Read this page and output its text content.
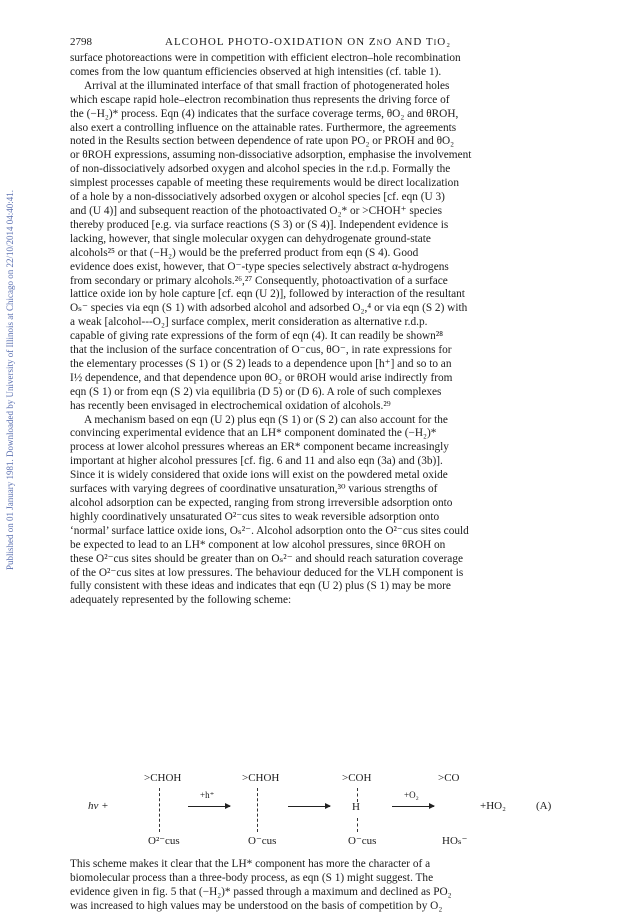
Published on 01 January 1981. Downloaded by University of Illinois at Chicago on 22/10/2014 04:40:41.
2798	ALCOHOL PHOTO-OXIDATION ON ZnO AND TiO₂

surface photoreactions were in competition with efficient electron–hole recombination

comes from the low quantum efficiencies observed at high intensities (cf. table 1).

Arrival at the illuminated interface of that small fraction of photogenerated holes

which escape rapid hole–electron recombination thus represents the driving force of

the (−H₂)* process. Eqn (4) indicates that the surface coverage terms, θO₂ and θROH,

also exert a controlling influence on the attainable rates. Furthermore, the agreements

noted in the Results section between dependence of rate upon PO₂ or PROH and θO₂

or θROH expressions, assuming non-dissociative adsorption, emphasise the involvement

of non-dissociatively adsorbed oxygen and alcohol species in the r.d.p. Formally the

simplest processes capable of meeting these requirements would be direct localization

of a hole by a non-dissociatively adsorbed oxygen or alcohol species [cf. eqn (U 3)

and (U 4)] and subsequent reaction of the photoactivated O₂* or >CHOH⁺ species

thereby produced [e.g. via surface reactions (S 3) or (S 4)]. Independent evidence is

lacking, however, that single molecular oxygen can dehydrogenate ground-state

alcohols²⁵ or that (−H₂) would be the preferred product from eqn (S 4). Good

evidence does exist, however, that O⁻-type species selectively abstract α-hydrogens

from secondary or primary alcohols.²⁶,²⁷ Consequently, photoactivation of a surface

lattice oxide ion by hole capture [cf. eqn (U 2)], followed by interaction of the resultant

Oₛ⁻ species via eqn (S 1) with adsorbed alcohol and adsorbed O₂,⁴ or via eqn (S 2) with

a weak [alcohol---O₂] surface complex, merit consideration as alternative r.d.p.

capable of giving rate expressions of the form of eqn (4). It can readily be shown²⁸

that the inclusion of the surface concentration of O⁻cus, θO⁻, in rate expressions for

the elementary processes (S 1) or (S 2) leads to a dependence upon [h⁺] and so to an

I½ dependence, and that dependence upon θO₂ or θROH would arise indirectly from

eqn (S 1) or from eqn (S 2) via equilibria (D 5) or (D 6). A role of such complexes

has recently been envisaged in electrochemical oxidation of alcohols.²⁹

A mechanism based on eqn (U 2) plus eqn (S 1) or (S 2) can also account for the

convincing experimental evidence that an LH* component dominated the (−H₂)*

process at lower alcohol pressures whereas an ER* component became increasingly

important at higher alcohol pressures [cf. fig. 6 and 11 and also eqn (3a) and (3b)].

Since it is widely considered that oxide ions will exist on the powdered metal oxide

surfaces with varying degrees of coordinative unsaturation,³⁰ various strengths of

alcohol adsorption can be expected, ranging from strong irreversible adsorption onto

highly coordinatively unsaturated O²⁻cus sites to weak reversible adsorption onto

‘normal’ surface lattice oxide ions, Oₛ²⁻. Alcohol adsorption onto the O²⁻cus sites could

be expected to lead to an LH* component at low alcohol pressures, since θROH on

these O²⁻cus sites should be greater than on Oₛ²⁻ and should reach saturation coverage

of the O²⁻cus sites at low pressures. The behaviour deduced for the VLH component is

fully consistent with these ideas and indicates that eqn (U 2) plus (S 1) may be more

adequately represented by the following scheme:

>CHOH	>CHOH	>COH	>CO
hν +
+h⁺
H
+O₂
+HO₂	(A)
O²⁻cus	O⁻cus	O⁻cus	HOₛ⁻

This scheme makes it clear that the LH* component has more the character of a

biomolecular process than a three-body process, as eqn (S 1) might suggest. The

evidence given in fig. 5 that (−H₂)* passed through a maximum and declined as PO₂

was increased to high values may be understood on the basis of competition by O₂
